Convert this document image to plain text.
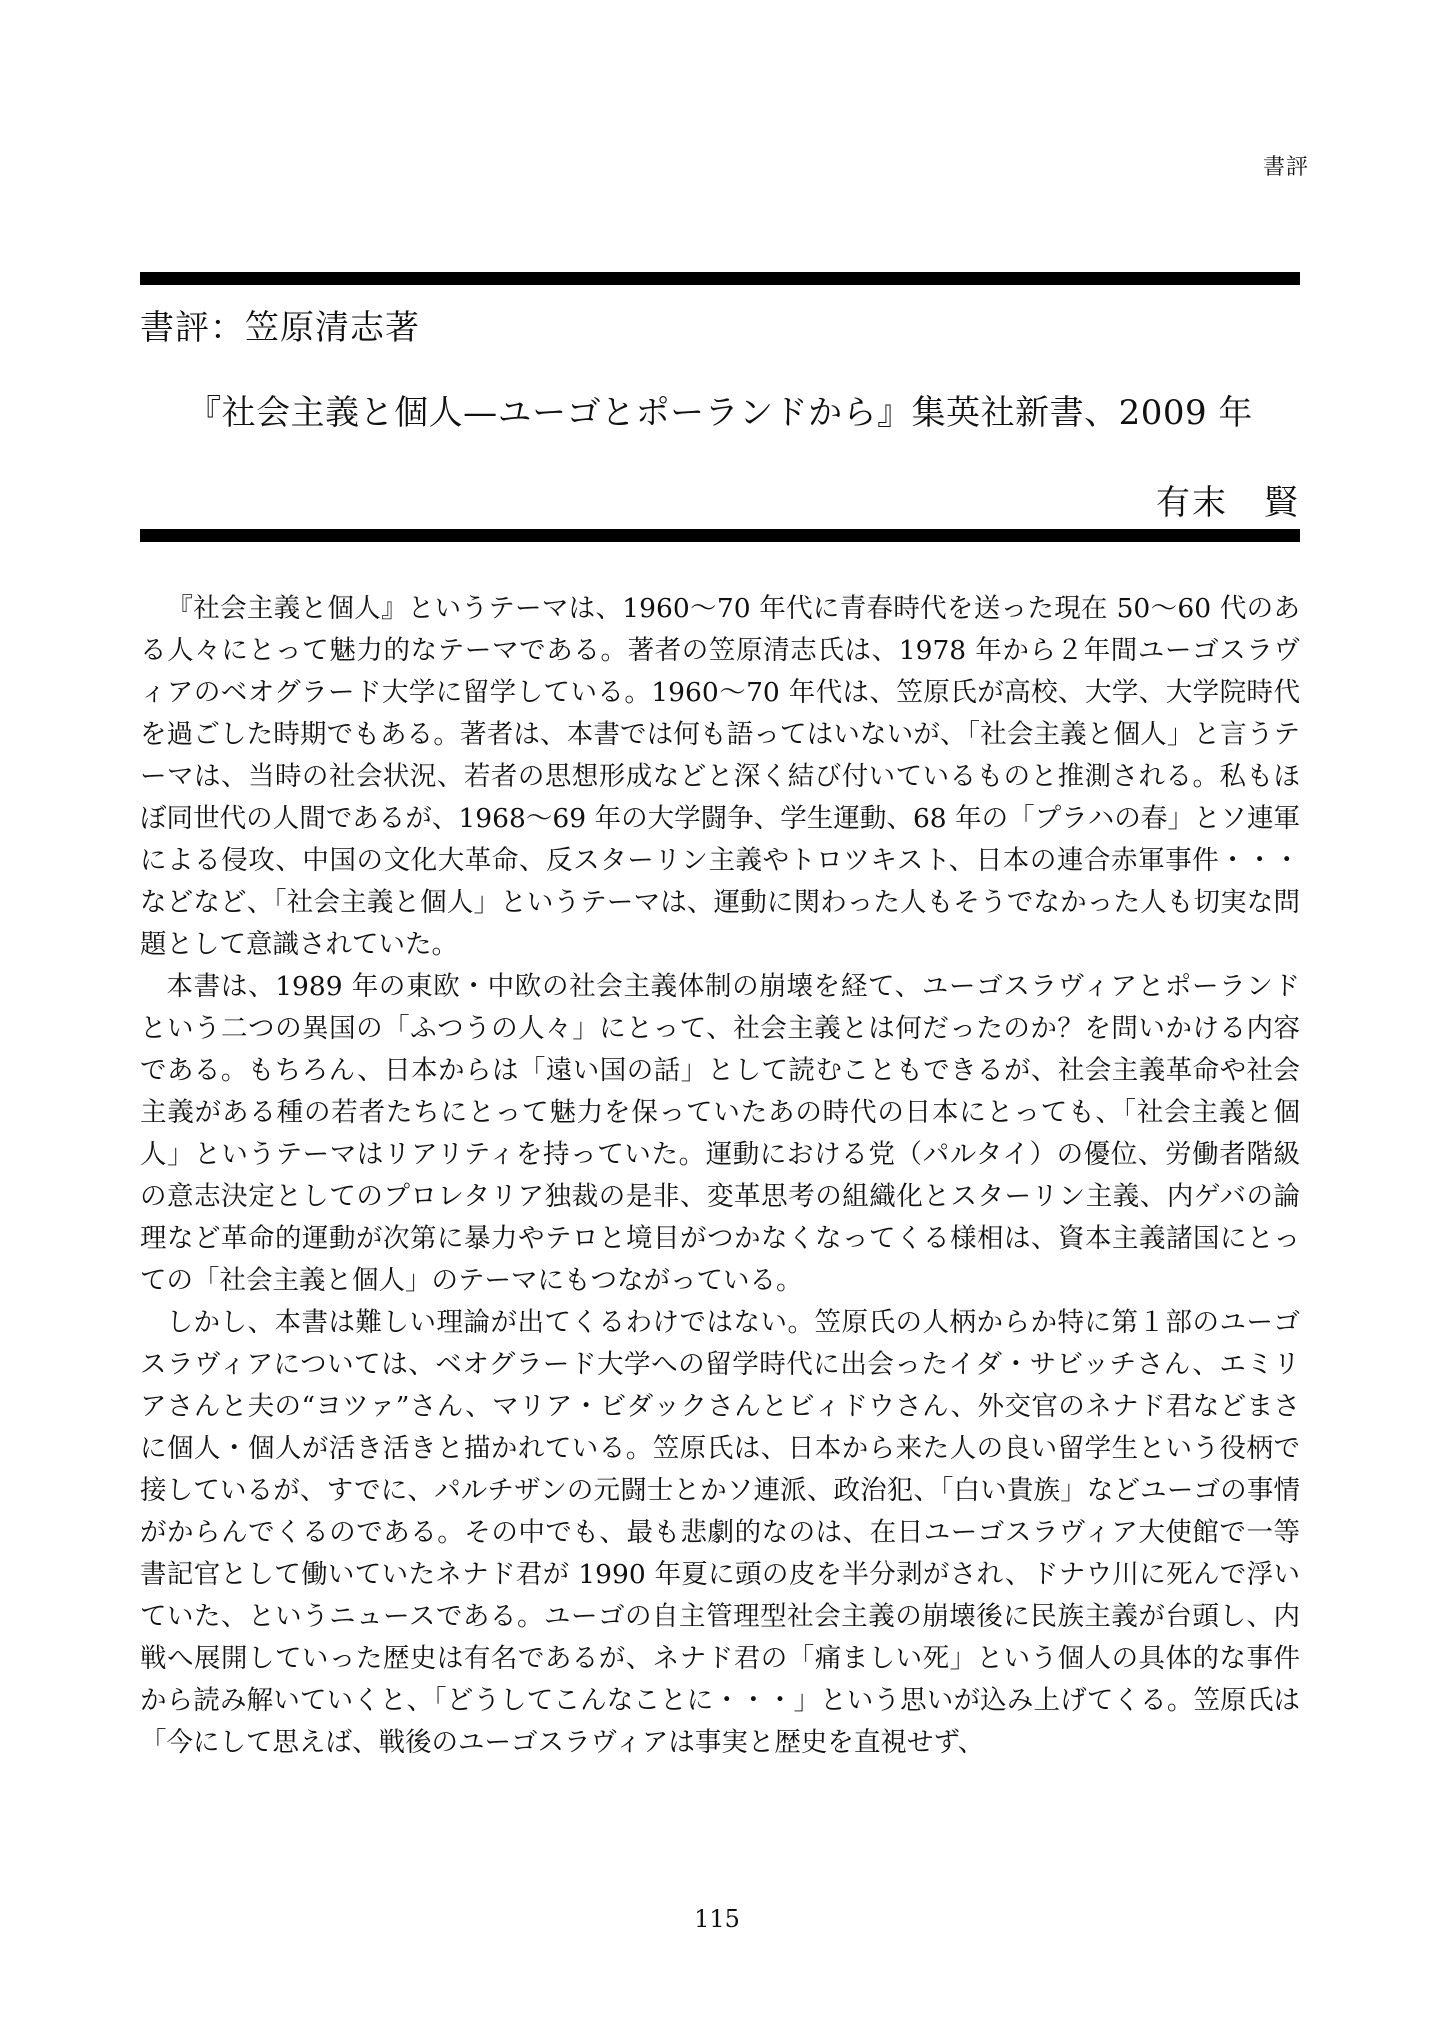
書評
書評：笠原清志著
『社会主義と個人—ユーゴとポーランドから』集英社新書、2009 年
有末　賢

『社会主義と個人』というテーマは、1960～70 年代に青春時代を送った現在 50～60 代のある人々にとって魅力的なテーマである。著者の笠原清志氏は、1978 年から２年間ユーゴスラヴィアのベオグラード大学に留学している。1960～70 年代は、笠原氏が高校、大学、大学院時代を過ごした時期でもある。著者は、本書では何も語ってはいないが、「社会主義と個人」と言うテーマは、当時の社会状況、若者の思想形成などと深く結び付いているものと推測される。私もほぼ同世代の人間であるが、1968～69 年の大学闘争、学生運動、68 年の「プラハの春」とソ連軍による侵攻、中国の文化大革命、反スターリン主義やトロツキスト、日本の連合赤軍事件・・・などなど、「社会主義と個人」というテーマは、運動に関わった人もそうでなかった人も切実な問題として意識されていた。

本書は、1989 年の東欧・中欧の社会主義体制の崩壊を経て、ユーゴスラヴィアとポーランドという二つの異国の「ふつうの人々」にとって、社会主義とは何だったのか？を問いかける内容である。もちろん、日本からは「遠い国の話」として読むこともできるが、社会主義革命や社会主義がある種の若者たちにとって魅力を保っていたあの時代の日本にとっても、「社会主義と個人」というテーマはリアリティを持っていた。運動における党（パルタイ）の優位、労働者階級の意志決定としてのプロレタリア独裁の是非、変革思考の組織化とスターリン主義、内ゲバの論理など革命的運動が次第に暴力やテロと境目がつかなくなってくる様相は、資本主義諸国にとっての「社会主義と個人」のテーマにもつながっている。

しかし、本書は難しい理論が出てくるわけではない。笠原氏の人柄からか特に第１部のユーゴスラヴィアについては、ベオグラード大学への留学時代に出会ったイダ・サビッチさん、エミリアさんと夫の“ヨツァ”さん、マリア・ビダックさんとビィドウさん、外交官のネナド君などまさに個人・個人が活き活きと描かれている。笠原氏は、日本から来た人の良い留学生という役柄で接しているが、すでに、パルチザンの元闘士とかソ連派、政治犯、「白い貴族」などユーゴの事情がからんでくるのである。その中でも、最も悲劇的なのは、在日ユーゴスラヴィア大使館で一等書記官として働いていたネナド君が 1990 年夏に頭の皮を半分剥がされ、ドナウ川に死んで浮いていた、というニュースである。ユーゴの自主管理型社会主義の崩壊後に民族主義が台頭し、内戦へ展開していった歴史は有名であるが、ネナド君の「痛ましい死」という個人の具体的な事件から読み解いていくと、「どうしてこんなことに・・・」という思いが込み上げてくる。笠原氏は「今にして思えば、戦後のユーゴスラヴィアは事実と歴史を直視せず、

115
